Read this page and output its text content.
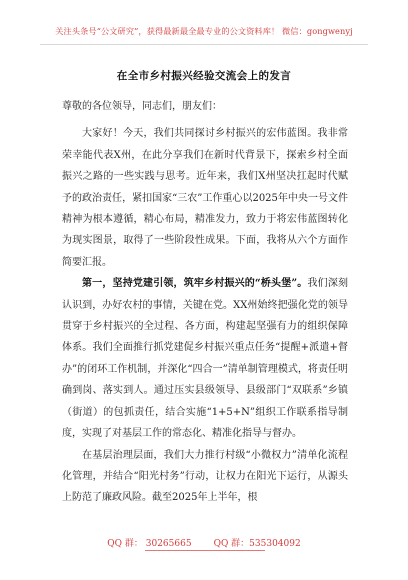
关注头条号“公文研究”，获得最新最全最专业的公文资料库！ 微信：gongwenyj
在全市乡村振兴经验交流会上的发言

尊敬的各位领导，同志们，朋友们：

大家好！今天，我们共同探讨乡村振兴的宏伟蓝图。我非常荣幸能代表X州，在此分享我们在新时代背景下，探索乡村全面振兴之路的一些实践与思考。近年来，我们X州坚决扛起时代赋予的政治责任，紧扣国家“三农”工作重心以2025年中央一号文件精神为根本遵循，精心布局，精准发力，致力于将宏伟蓝图转化为现实图景，取得了一些阶段性成果。下面，我将从六个方面作简要汇报。

第一，坚持党建引领，筑牢乡村振兴的“桥头堡”。我们深刻认识到，办好农村的事情，关键在党。XX州始终把强化党的领导贯穿于乡村振兴的全过程、各方面，构建起坚强有力的组织保障体系。我们全面推行抓党建促乡村振兴重点任务“提醒+派遣+督办”的闭环工作机制，并深化“四合一”清单制管理模式，将责任明确到岗、落实到人。通过压实县级领导、县级部门“双联系”乡镇（街道）的包抓责任，结合实施“1+5+N”组织工作联系指导制度，实现了对基层工作的常态化、精准化指导与督办。

在基层治理层面，我们大力推行村级“小微权力”清单化流程化管理，并结合“阳光村务”行动，让权力在阳光下运行，从源头上防范了廉政风险。截至2025年上半年，根

QQ 群： 30265665 QQ 群：535304092
